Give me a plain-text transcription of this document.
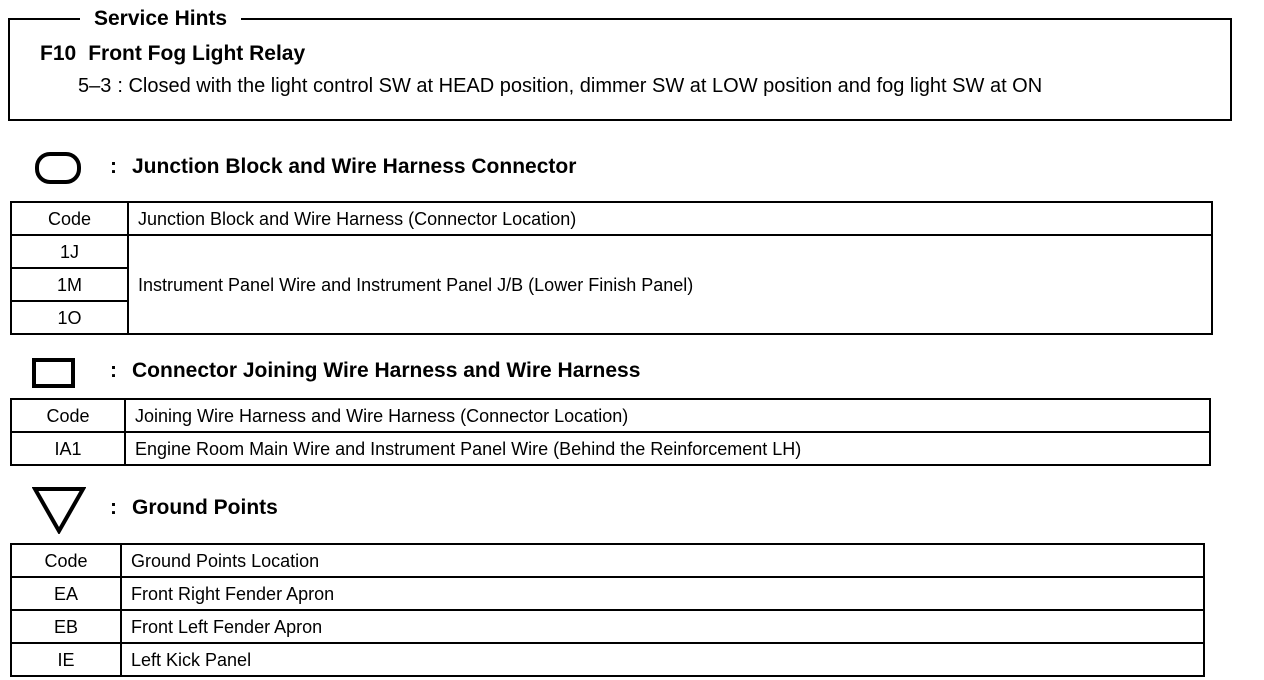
Service Hints
F10 Front Fog Light Relay
5–3 : Closed with the light control SW at HEAD position, dimmer SW at LOW position and fog light SW at ON
: Junction Block and Wire Harness Connector
Code	Junction Block and Wire Harness (Connector Location)
1J	Instrument Panel Wire and Instrument Panel J/B (Lower Finish Panel)
1M	
1O	
: Connector Joining Wire Harness and Wire Harness
Code	Joining Wire Harness and Wire Harness (Connector Location)
IA1	Engine Room Main Wire and Instrument Panel Wire (Behind the Reinforcement LH)
: Ground Points
Code	Ground Points Location
EA	Front Right Fender Apron
EB	Front Left Fender Apron
IE	Left Kick Panel
